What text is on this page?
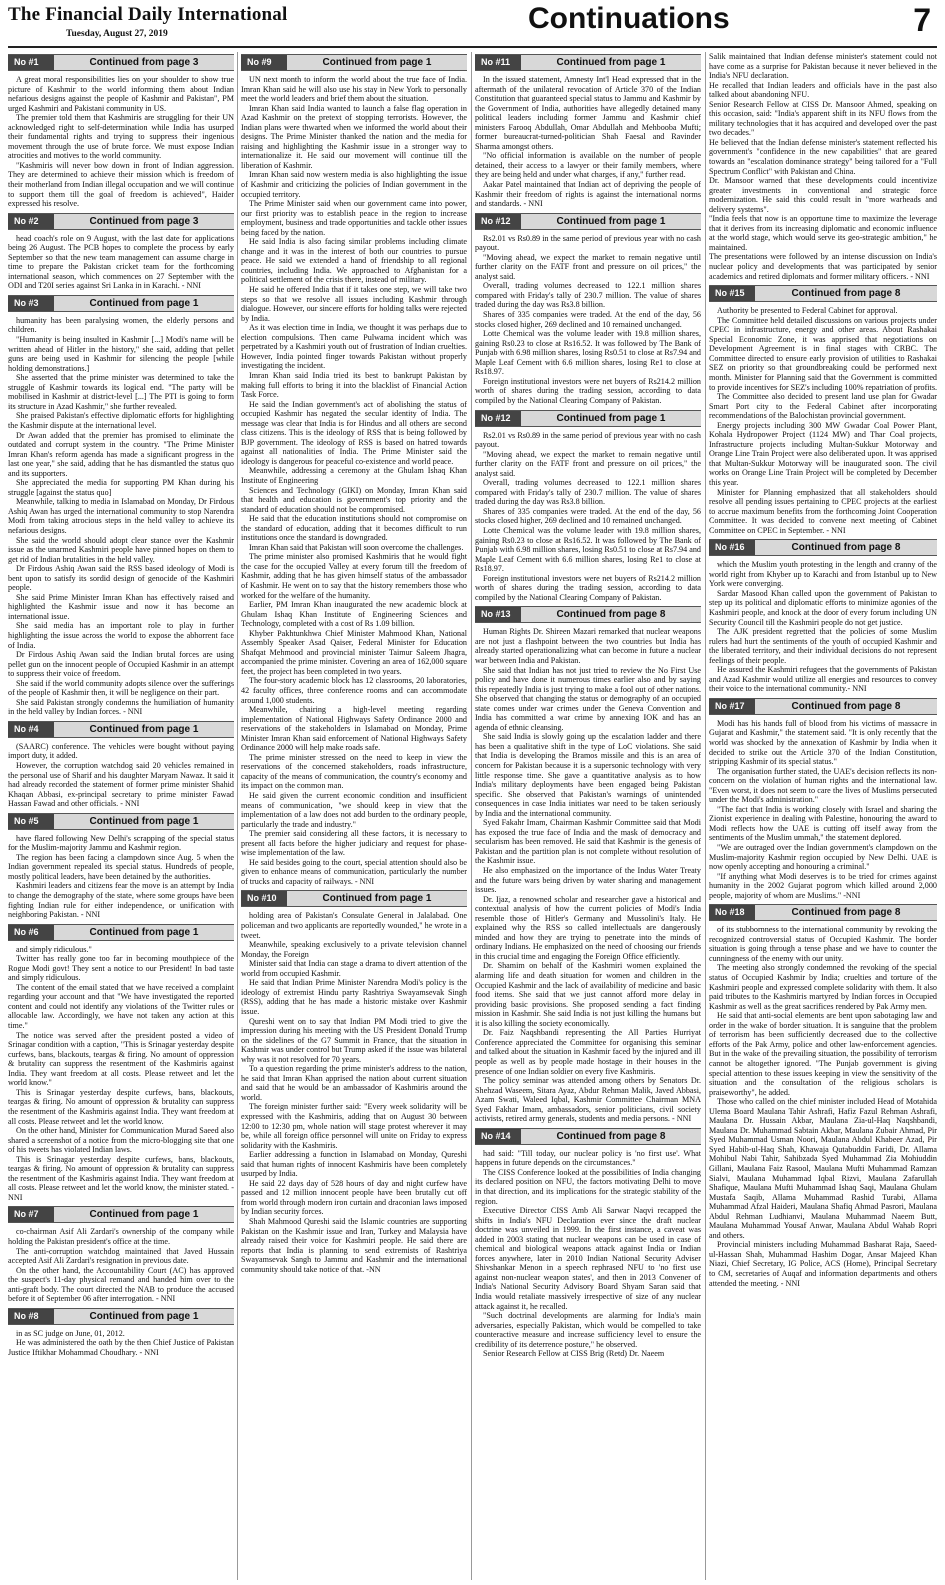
The Financial Daily International
Tuesday, August 27, 2019	Continuations	7
No #1	Continued from page 3

A great moral responsibilities lies on your shoulder to show true picture of Kashmir to the world informing them about Indian nefarious designs against the people of Kashmir and Pakistan", PM urged Kashmiri and Pakistani community in US.

The premier told them that Kashmiris are struggling for their UN acknowledged right to self-determination while India has usurped their fundamental rights and trying to suppress their ingenious movement through the use of brute force. We must expose Indian atrocities and motives to the world community.

"Kashmiris will never bow down in front of Indian aggression. They are determined to achieve their mission which is freedom of their motherland from Indian illegal occupation and we will continue to support them till the goal of freedom is achieved", Haider expressed his resolve.

No #2	Continued from page 3

head coach's role on 9 August, with the last date for applications being 26 August. The PCB hopes to complete the process by early September so that the new team management can assume charge in time to prepare the Pakistan cricket team for the forthcoming international season, which commences on 27 September with the ODI and T20I series against Sri Lanka in in Karachi. - NNI

No #3	Continued from page 1

humanity has been paralysing women, the elderly persons and children.

"Humanity is being insulted in Kashmir [...] Modi's name will be written ahead of Hitler in the history," she said, adding that pellet guns are being used in Kashmir for silencing the people [while holding demonstrations.]

She asserted that the prime minister was determined to take the struggle of Kashmir towards its logical end. "The party will be mobilised in Kashmir at district-level [...] The PTI is going to form its structure in Azad Kashmir," she further revealed.

She praised Pakistan's effective diplomatic efforts for highlighting the Kashmir dispute at the international level.

Dr Awan added that the premier has promised to eliminate the outdated and corrupt system in the country. "The Prime Minister Imran Khan's reform agenda has made a significant progress in the last one year," she said, adding that he has dismantled the status quo and its supporters.

She appreciated the media for supporting PM Khan during his struggle [against the status quo]

Meanwhile, talking to media in Islamabad on Monday, Dr Firdous Ashiq Awan has urged the international community to stop Narendra Modi from taking atrocious steps in the held valley to achieve its nefarious designs.

She said the world should adopt clear stance over the Kashmir issue as the unarmed Kashmiri people have pinned hopes on them to get rid of Indian brutalities in the held valley.

Dr Firdous Ashiq Awan said the RSS based ideology of Modi is bent upon to satisfy its sordid design of genocide of the Kashmiri people.

She said Prime Minister Imran Khan has effectively raised and highlighted the Kashmir issue and now it has become an international issue.

She said media has an important role to play in further highlighting the issue across the world to expose the abhorrent face of India.

Dr Firdous Ashiq Awan said the Indian brutal forces are using pellet gun on the innocent people of Occupied Kashmir in an attempt to suppress their voice of freedom.

She said if the world community adopts silence over the sufferings of the people of Kashmir then, it will be negligence on their part.

She said Pakistan strongly condemns the humiliation of humanity in the held valley by Indian forces. - NNI

No #4	Continued from page 1

(SAARC) conference. The vehicles were bought without paying import duty, it added.

However, the corruption watchdog said 20 vehicles remained in the personal use of Sharif and his daughter Maryam Nawaz. It said it had already recorded the statement of former prime minister Shahid Khaqan Abbasi, ex-principal secretary to prime minister Fawad Hassan Fawad and other officials. - NNI

No #5	Continued from page 1

have flared following New Delhi's scrapping of the special status for the Muslim-majority Jammu and Kashmir region.

The region has been facing a clampdown since Aug. 5 when the Indian government repealed its special status. Hundreds of people, mostly political leaders, have been detained by the authorities.

Kashmiri leaders and citizens fear the move is an attempt by India to change the demography of the state, where some groups have been fighting Indian rule for either independence, or unification with neighboring Pakistan. - NNI

No #6	Continued from page 1

and simply ridiculous."

Twitter has really gone too far in becoming mouthpiece of the Rogue Modi govt! They sent a notice to our President! In bad taste and simply ridiculous.

The content of the email stated that we have received a complaint regarding your account and that "We have investigated the reported content and could not identify any violations of the Twitter rules or allocable law. Accordingly, we have not taken any action at this time."

The notice was served after the president posted a video of Srinagar condition with a caption, "This is Srinagar yesterday despite curfews, bans, blackouts, teargas & firing. No amount of oppression & brutality can suppress the resentment of the Kashmiris against India. They want freedom at all costs. Please retweet and let the world know."

This is Srinagar yesterday despite curfews, bans, blackouts, teargas & firing. No amount of oppression & brutality can suppress the resentment of the Kashmiris against India. They want freedom at all costs. Please retweet and let the world know.

On the other hand, Minister for Communication Murad Saeed also shared a screenshot of a notice from the micro-blogging site that one of his tweets has violated Indian laws.

This is Srinagar yesterday despite curfews, bans, blackouts, teargas & firing. No amount of oppression & brutality can suppress the resentment of the Kashmiris against India. They want freedom at all costs. Please retweet and let the world know, the minister stated. - NNI

No #7	Continued from page 1

co-chairman Asif Ali Zardari's ownership of the company while holding the Pakistan president's office at the time.

The anti-corruption watchdog maintained that Javed Hussain accepted Asif Ali Zardari's resignation in previous date.

On the other hand, the Accountability Court (AC) has approved the suspect's 11-day physical remand and handed him over to the anti-graft body. The court directed the NAB to produce the accused before it of September 06 after interrogation. - NNI

No #8	Continued from page 1

in as SC judge on June, 01, 2012.

He was administered the oath by the then Chief Justice of Pakistan Justice Iftikhar Mohammad Choudhary. - NNI

No #9	Continued from page 1

UN next month to inform the world about the true face of India. Imran Khan said he will also use his stay in New York to personally meet the world leaders and brief them about the situation.

Imran Khan said India wanted to launch a false flag operation in Azad Kashmir on the pretext of stopping terrorists. However, the Indian plans were thwarted when we informed the world about their designs. The Prime Minister thanked the nation and the media for raising and highlighting the Kashmir issue in a stronger way to internationalize it. He said our movement will continue till the liberation of Kashmir.

Imran Khan said now western media is also highlighting the issue of Kashmir and criticizing the policies of Indian government in the occupied territory.

The Prime Minister said when our government came into power, our first priority was to establish peace in the region to increase employment, business and trade opportunities and tackle other issues being faced by the nation.

He said India is also facing similar problems including climate change and it was in the interest of both our countries to pursue peace. He said we extended a hand of friendship to all regional countries, including India. We approached to Afghanistan for a political settlement of the crisis there, instead of military.

He said he offered India that if it takes one step, we will take two steps so that we resolve all issues including Kashmir through dialogue. However, our sincere efforts for holding talks were rejected by India.

As it was election time in India, we thought it was perhaps due to election compulsions. Then came Pulwama incident which was perpetrated by a Kashmiri youth out of frustration of Indian cruelties. However, India pointed finger towards Pakistan without properly investigating the incident.

Imran Khan said India tried its best to bankrupt Pakistan by making full efforts to bring it into the blacklist of Financial Action Task Force.

He said the Indian government's act of abolishing the status of occupied Kashmir has negated the secular identity of India. The message was clear that India is for Hindus and all others are second class citizens. This is the ideology of RSS that is being followed by BJP government. The ideology of RSS is based on hatred towards against all nationalities of India. The Prime Minister said the ideology is dangerous for peaceful co-existence and world peace.

Meanwhile, addressing a ceremony at the Ghulam Ishaq Khan Institute of Engineering

Sciences and Technology (GIKI) on Monday, Imran Khan said that health and education is government's top priority and the standard of education should not be compromised.

He said that the education institutions should not compromise on the standard of education, adding that it becomes difficult to run institutions once the standard is downgraded.

Imran Khan said that Pakistan will soon overcome the challenges.

The prime minister also promised Kashmiris that he would fight the case for the occupied Valley at every forum till the freedom of Kashmir, adding that he has given himself status of the ambassador of Kashmir. He went on to say that the history remembers those who worked for the welfare of the humanity.

Earlier, PM Imran Khan inaugurated the new academic block at Ghulam Ishaq Khan Institute of Engineering Sciences and Technology, completed with a cost of Rs 1.09 billion.

Khyber Pakhtunkhwa Chief Minister Mahmood Khan, National Assembly Speaker Asad Qaiser, Federal Minister for Education Shafqat Mehmood and provincial minister Taimur Saleem Jhagra, accompanied the prime minister. Covering an area of 162,000 square feet, the project has been completed in two years.

The four-story academic block has 12 classrooms, 20 laboratories, 42 faculty offices, three conference rooms and can accommodate around 1,000 students.

Meanwhile, chairing a high-level meeting regarding implementation of National Highways Safety Ordinance 2000 and reservations of the stakeholders in Islamabad on Monday, Prime Minister Imran Khan said enforcement of National Highways Safety Ordinance 2000 will help make roads safe.

The prime minister stressed on the need to keep in view the reservations of the concerned stakeholders, roads infrastructure, capacity of the means of communication, the country's economy and its impact on the common man.

He said given the current economic condition and insufficient means of communication, "we should keep in view that the implementation of a law does not add burden to the ordinary people, particularly the trade and industry."

The premier said considering all these factors, it is necessary to present all facts before the higher judiciary and request for phase-wise implementation of the law.

He said besides going to the court, special attention should also be given to enhance means of communication, particularly the number of trucks and capacity of railways. - NNI

No #10	Continued from page 1

holding area of Pakistan's Consulate General in Jalalabad. One policeman and two applicants are reportedly wounded," he wrote in a tweet.

Meanwhile, speaking exclusively to a private television channel Monday, the Foreign

Minister said that India can stage a drama to divert attention of the world from occupied Kashmir.

He said that Indian Prime Minister Narendra Modi's policy is the ideology of extremist Hindu party Rashtriya Swayamsevak Singh (RSS), adding that he has made a historic mistake over Kashmir issue.

Qureshi went on to say that Indian PM Modi tried to give the impression during his meeting with the US President Donald Trump on the sidelines of the G7 Summit in France, that the situation in Kashmir was under control but Trump asked if the issue was bilateral why was it not resolved for 70 years.

To a question regarding the prime minister's address to the nation, he said that Imran Khan apprised the nation about current situation and said that he would be an ambassador of Kashmiris around the world.

The foreign minister further said: "Every week solidarity will be expressed with the Kashmiris, adding that on August 30 between 12:00 to 12:30 pm, whole nation will stage protest wherever it may be, while all foreign office personnel will unite on Friday to express solidarity with the Kashmiris.

Earlier addressing a function in Islamabad on Monday, Qureshi said that human rights of innocent Kashmiris have been completely usurped by India.

He said 22 days day of 528 hours of day and night curfew have passed and 12 million innocent people have been brutally cut off from world through modern iron curtain and draconian laws imposed by Indian security forces.

Shah Mahmood Qureshi said the Islamic countries are supporting Pakistan on the Kashmir issue and Iran, Turkey and Malaysia have already raised their voice for Kashmiri people. He said there are reports that India is planning to send extremists of Rashtriya Swayamsevak Sangh to Jammu and Kashmir and the international community should take notice of that. -NN

No #11	Continued from page 1

In the issued statement, Amnesty Int'l Head expressed that in the aftermath of the unilateral revocation of Article 370 of the Indian Constitution that guaranteed special status to Jammu and Kashmir by the Government of India, authorities have allegedly detained many political leaders including former Jammu and Kashmir chief ministers Farooq Abdullah, Omar Abdullah and Mehbooba Mufti; former bureaucrat-turned-politician Shah Faesal and Ravinder Sharma amongst others.

"No official information is available on the number of people detained, their access to a lawyer or their family members, where they are being held and under what charges, if any," further read.

Aakar Patel maintained that Indian act of depriving the people of Kashmir their freedom of rights is against the international norms and standards. - NNI

No #12	Continued from page 1

Rs2.01 vs Rs0.89 in the same period of previous year with no cash payout.

"Moving ahead, we expect the market to remain negative until further clarity on the FATF front and pressure on oil prices," the analyst said.

Overall, trading volumes decreased to 122.1 million shares compared with Friday's tally of 230.7 million. The value of shares traded during the day was Rs3.8 billion.

Shares of 335 companies were traded. At the end of the day, 56 stocks closed higher, 269 declined and 10 remained unchanged.

Lotte Chemical was the volume leader with 19.8 million shares, gaining Rs0.23 to close at Rs16.52. It was followed by The Bank of Punjab with 6.98 million shares, losing Rs0.51 to close at Rs7.94 and Maple Leaf Cement with 6.6 million shares, losing Re1 to close at Rs18.97.

Foreign institutional investors were net buyers of Rs214.2 million worth of shares during the trading session, according to data compiled by the National Clearing Company of Pakistan.

No #12	Continued from page 1

Rs2.01 vs Rs0.89 in the same period of previous year with no cash payout.

"Moving ahead, we expect the market to remain negative until further clarity on the FATF front and pressure on oil prices," the analyst said.

Overall, trading volumes decreased to 122.1 million shares compared with Friday's tally of 230.7 million. The value of shares traded during the day was Rs3.8 billion.

Shares of 335 companies were traded. At the end of the day, 56 stocks closed higher, 269 declined and 10 remained unchanged.

Lotte Chemical was the volume leader with 19.8 million shares, gaining Rs0.23 to close at Rs16.52. It was followed by The Bank of Punjab with 6.98 million shares, losing Rs0.51 to close at Rs7.94 and Maple Leaf Cement with 6.6 million shares, losing Re1 to close at Rs18.97.

Foreign institutional investors were net buyers of Rs214.2 million worth of shares during the trading session, according to data compiled by the National Clearing Company of Pakistan.

No #13	Continued from page 8

Human Rights Dr. Shireen Mazari remarked that nuclear weapons are not just a flashpoint between the two countries but India has already started operationalizing what can become in future a nuclear war between India and Pakistan.

She said that Indian has not just tried to review the No First Use policy and have done it numerous times earlier also and by saying this repeatedly India is just trying to make a fool out of other nations. She observed that changing the status or demography of an occupied state comes under war crimes under the Geneva Convention and India has committed a war crime by annexing IOK and has an agenda of ethnic cleansing.

She said India is slowly going up the escalation ladder and there has been a qualitative shift in the type of LoC violations. She said that India is developing the Bramos missile and this is an area of concern for Pakistan because it is a supersonic technology with very little response time. She gave a quantitative analysis as to how India's military deployments have been engaged being Pakistan specific. She observed that Pakistan's warnings of unintended consequences in case India initiates war need to be taken seriously by India and the international community.

Syed Fakahr Imam, Chairman Kashmir Committee said that Modi has exposed the true face of India and the mask of democracy and secularism has been removed. He said that Kashmir is the genesis of Pakistan and the partition plan is not complete without resolution of the Kashmir issue.

He also emphasized on the importance of the Indus Water Treaty and the future wars being driven by water sharing and management issues.

Dr. Ijaz, a renowned scholar and researcher gave a historical and contextual analysis of how the current policies of Modi's India resemble those of Hitler's Germany and Mussolini's Italy. He explained why the RSS so called intellectuals are dangerously minded and how they are trying to penetrate into the minds of ordinary Indians. He emphasized on the need of choosing our friends in this crucial time and engaging the Foreign Office efficiently.

Dr. Shamim on behalf of the Kashmiri women explained the alarming life and death situation for women and children in the Occupied Kashmir and the lack of availability of medicine and basic food items. She said that we just cannot afford more delay in providing basic provisions. She proposed sending a fact finding mission in Kashmir. She said India is not just killing the humans but it is also killing the society economically.

Dr. Faiz Naqshbandi representing the All Parties Hurriyat Conference appreciated the Committee for organising this seminar and talked about the situation in Kashmir faced by the injured and ill people as well as by people made hostage in their houses in the presence of one Indian soldier on every five Kashmiris.

The policy seminar was attended among others by Senators Dr. Shehzad Waseem, Sitara Ayaz, Abdur Rehman Malik, Javed Abbasi, Azam Swati, Waleed Iqbal, Kashmir Committee Chairman MNA Syed Fakhar Imam, ambassadors, senior politicians, civil society activists, retired army generals, students and media persons. - NNI

No #14	Continued from page 8

had said: "Till today, our nuclear policy is 'no first use'. What happens in future depends on the circumstances."

The CISS Conference looked at the possibilities of India changing its declared position on NFU, the factors motivating Delhi to move in that direction, and its implications for the strategic stability of the region.

Executive Director CISS Amb Ali Sarwar Naqvi recapped the shifts in India's NFU Declaration ever since the draft nuclear doctrine was unveiled in 1999. In the first instance, a caveat was added in 2003 stating that nuclear weapons can be used in case of chemical and biological weapons attack against India or Indian forces anywhere, later in 2010 Indian National Security Adviser Shivshankar Menon in a speech rephrased NFU to 'no first use against non-nuclear weapon states', and then in 2013 Convener of India's National Security Advisory Board Shyam Saran said that India would retaliate massively irrespective of size of any nuclear attack against it, he recalled.

"Such doctrinal developments are alarming for India's main adversaries, especially Pakistan, which would be compelled to take counteractive measure and increase sufficiency level to ensure the credibility of its deterrence posture," he observed.

Senior Research Fellow at CISS Brig (Retd) Dr. Naeem

Salik maintained that Indian defense minister's statement could not have come as a surprise for Pakistan because it never believed in the India's NFU declaration.

He recalled that Indian leaders and officials have in the past also talked about abandoning NFU.

Senior Research Fellow at CISS Dr. Mansoor Ahmed, speaking on this occasion, said: "India's apparent shift in its NFU flows from the military technologies that it has acquired and developed over the past two decades."

He believed that the Indian defense minister's statement reflected his government's "confidence in the new capabilities" that are geared towards an "escalation dominance strategy" being tailored for a "Full Spectrum Conflict" with Pakistan and China.

Dr. Mansoor warned that these developments could incentivize greater investments in conventional and strategic force modernization. He said this could result in "more warheads and delivery systems".

"India feels that now is an opportune time to maximize the leverage that it derives from its increasing diplomatic and economic influence at the world stage, which would serve its geo-strategic ambition," he maintained.

The presentations were followed by an intense discussion on India's nuclear policy and developments that was participated by senior academics and retired diplomats and former military officers. - NNI

No #15	Continued from page 8

Authority be presented to Federal Cabinet for approval.

The Committee held detailed discussions on various projects under CPEC in infrastructure, energy and other areas. About Rashakai Special Economic Zone, it was apprised that negotiations on Development Agreement is in final stages with CRBC. The Committee directed to ensure early provision of utilities to Rashakai SEZ on priority so that groundbreaking could be performed next month. Minister for Planning said that the Government is committed to provide incentives for SEZ's including 100% repatriation of profits.

The Committee also decided to present land use plan for Gwadar Smart Port city to the Federal Cabinet after incorporating recommendations of the Balochistan provincial government.

Energy projects including 300 MW Gwadar Coal Power Plant, Kohala Hydropower Project (1124 MW) and Thar Coal projects, Infrastructure projects including Multan-Sukkur Motorway and Orange Line Train Project were also deliberated upon. It was apprised that Multan-Sukkur Motorway will be inaugurated soon. The civil works on Orange Line Train Project will be completed by December this year.

Minister for Planning emphasized that all stakeholders should resolve all pending issues pertaining to CPEC projects at the earliest to accrue maximum benefits from the forthcoming Joint Cooperation Committee. It was decided to convene next meeting of Cabinet Committee on CPEC in September. - NNI

No #16	Continued from page 8

which the Muslim youth protesting in the length and cranny of the world right from Khyber up to Karachi and from Istanbul up to New York were converging.

Sardar Masood Khan called upon the government of Pakistan to step up its political and diplomatic efforts to minimize agonies of the Kashmiri people, and knock at the door of every forum including UN Security Council till the Kashmiri people do not get justice.

The AJK president regretted that the policies of some Muslim rulers had hurt the sentiments of the youth of occupied Kashmir and the liberated territory, and their individual decisions do not represent feelings of their people.

He assured the Kashmiri refugees that the governments of Pakistan and Azad Kashmir would utilize all energies and resources to convey their voice to the international community.- NNI

No #17	Continued from page 8

Modi has his hands full of blood from his victims of massacre in Gujarat and Kashmir," the statement said. "It is only recently that the world was shocked by the annexation of Kashmir by India when it decided to strike out the Article 370 of the Indian Constitution, stripping Kashmir of its special status."

The organisation further stated, the UAE's decision reflects its non-concern on the violation of human rights and the international law. "Even worst, it does not seem to care the lives of Muslims persecuted under the Modi's administration."

"The fact that India is working closely with Israel and sharing the Zionist experience in dealing with Palestine, honouring the award to Modi reflects how the UAE is cutting off itself away from the sentiments of the Muslim ummah," the statement deplored.

"We are outraged over the Indian government's clampdown on the Muslim-majority Kashmir region occupied by New Delhi. UAE is now openly accepting and honouring a criminal."

"If anything what Modi deserves is to be tried for crimes against humanity in the 2002 Gujarat pogrom which killed around 2,000 people, majority of whom are Muslims." -NNI

No #18	Continued from page 8

of its stubbornness to the international community by revoking the recognized controversial status of Occupied Kashmir. The border situation is going through a tense phase and we have to counter the cunningness of the enemy with our unity.

The meeting also strongly condemned the revoking of the special status of Occupied Kashmir by India; cruelties and torture of the Kashmiri people and expressed complete solidarity with them. It also paid tributes to the Kashmiris martyred by Indian forces in Occupied Kashmir as well as the great sacrifices rendered by Pak Army men.

He said that anti-social elements are bent upon sabotaging law and order in the wake of border situation. It is sanguine that the problem of terrorism has been sufficiently decreased due to the collective efforts of the Pak Army, police and other law-enforcement agencies. But in the wake of the prevailing situation, the possibility of terrorism cannot be altogether ignored. "The Punjab government is giving special attention to these issues keeping in view the sensitivity of the situation and the consultation of the religious scholars is praiseworthy", he added.

Those who called on the chief minister included Head of Motahida Ulema Board Maulana Tahir Ashrafi, Hafiz Fazul Rehman Ashrafi, Maulana Dr. Hussain Akbar, Maulana Zia-ul-Haq Naqshbandi, Maulana Dr. Muhammad Sabtain Akbar, Maulana Zubair Ahmad, Pir Syed Muhammad Usman Noori, Maulana Abdul Khabeer Azad, Pir Syed Habib-ul-Haq Shah, Khawaja Qutabuddin Faridi, Dr. Allama Mohibul Nabi Tahir, Sahibzada Syed Muhammad Zia Mohiuddin Gillani, Maulana Faiz Rasool, Maulana Mufti Muhammad Ramzan Sialvi, Maulana Muhammad Iqbal Rizvi, Maulana Zafarullah Shafique, Maulana Mufti Muhammad Ishaq Saqi, Maulana Ghulam Mustafa Saqib, Allama Muhammad Rashid Turabi, Allama Muhammad Afzal Haideri, Maulana Shafiq Ahmad Pasrori, Maulana Abdul Rehman Ludhianvi, Maulana Muhammad Naeem Butt, Maulana Muhammad Yousaf Anwar, Maulana Abdul Wahab Ropri and others.

Provincial ministers including Muhammad Basharat Raja, Saeed-ul-Hassan Shah, Muhammad Hashim Dogar, Ansar Majeed Khan Niazi, Chief Secretary, IG Police, ACS (Home), Principal Secretary to CM, secretaries of Auqaf and information departments and others attended the meeting. - NNI
